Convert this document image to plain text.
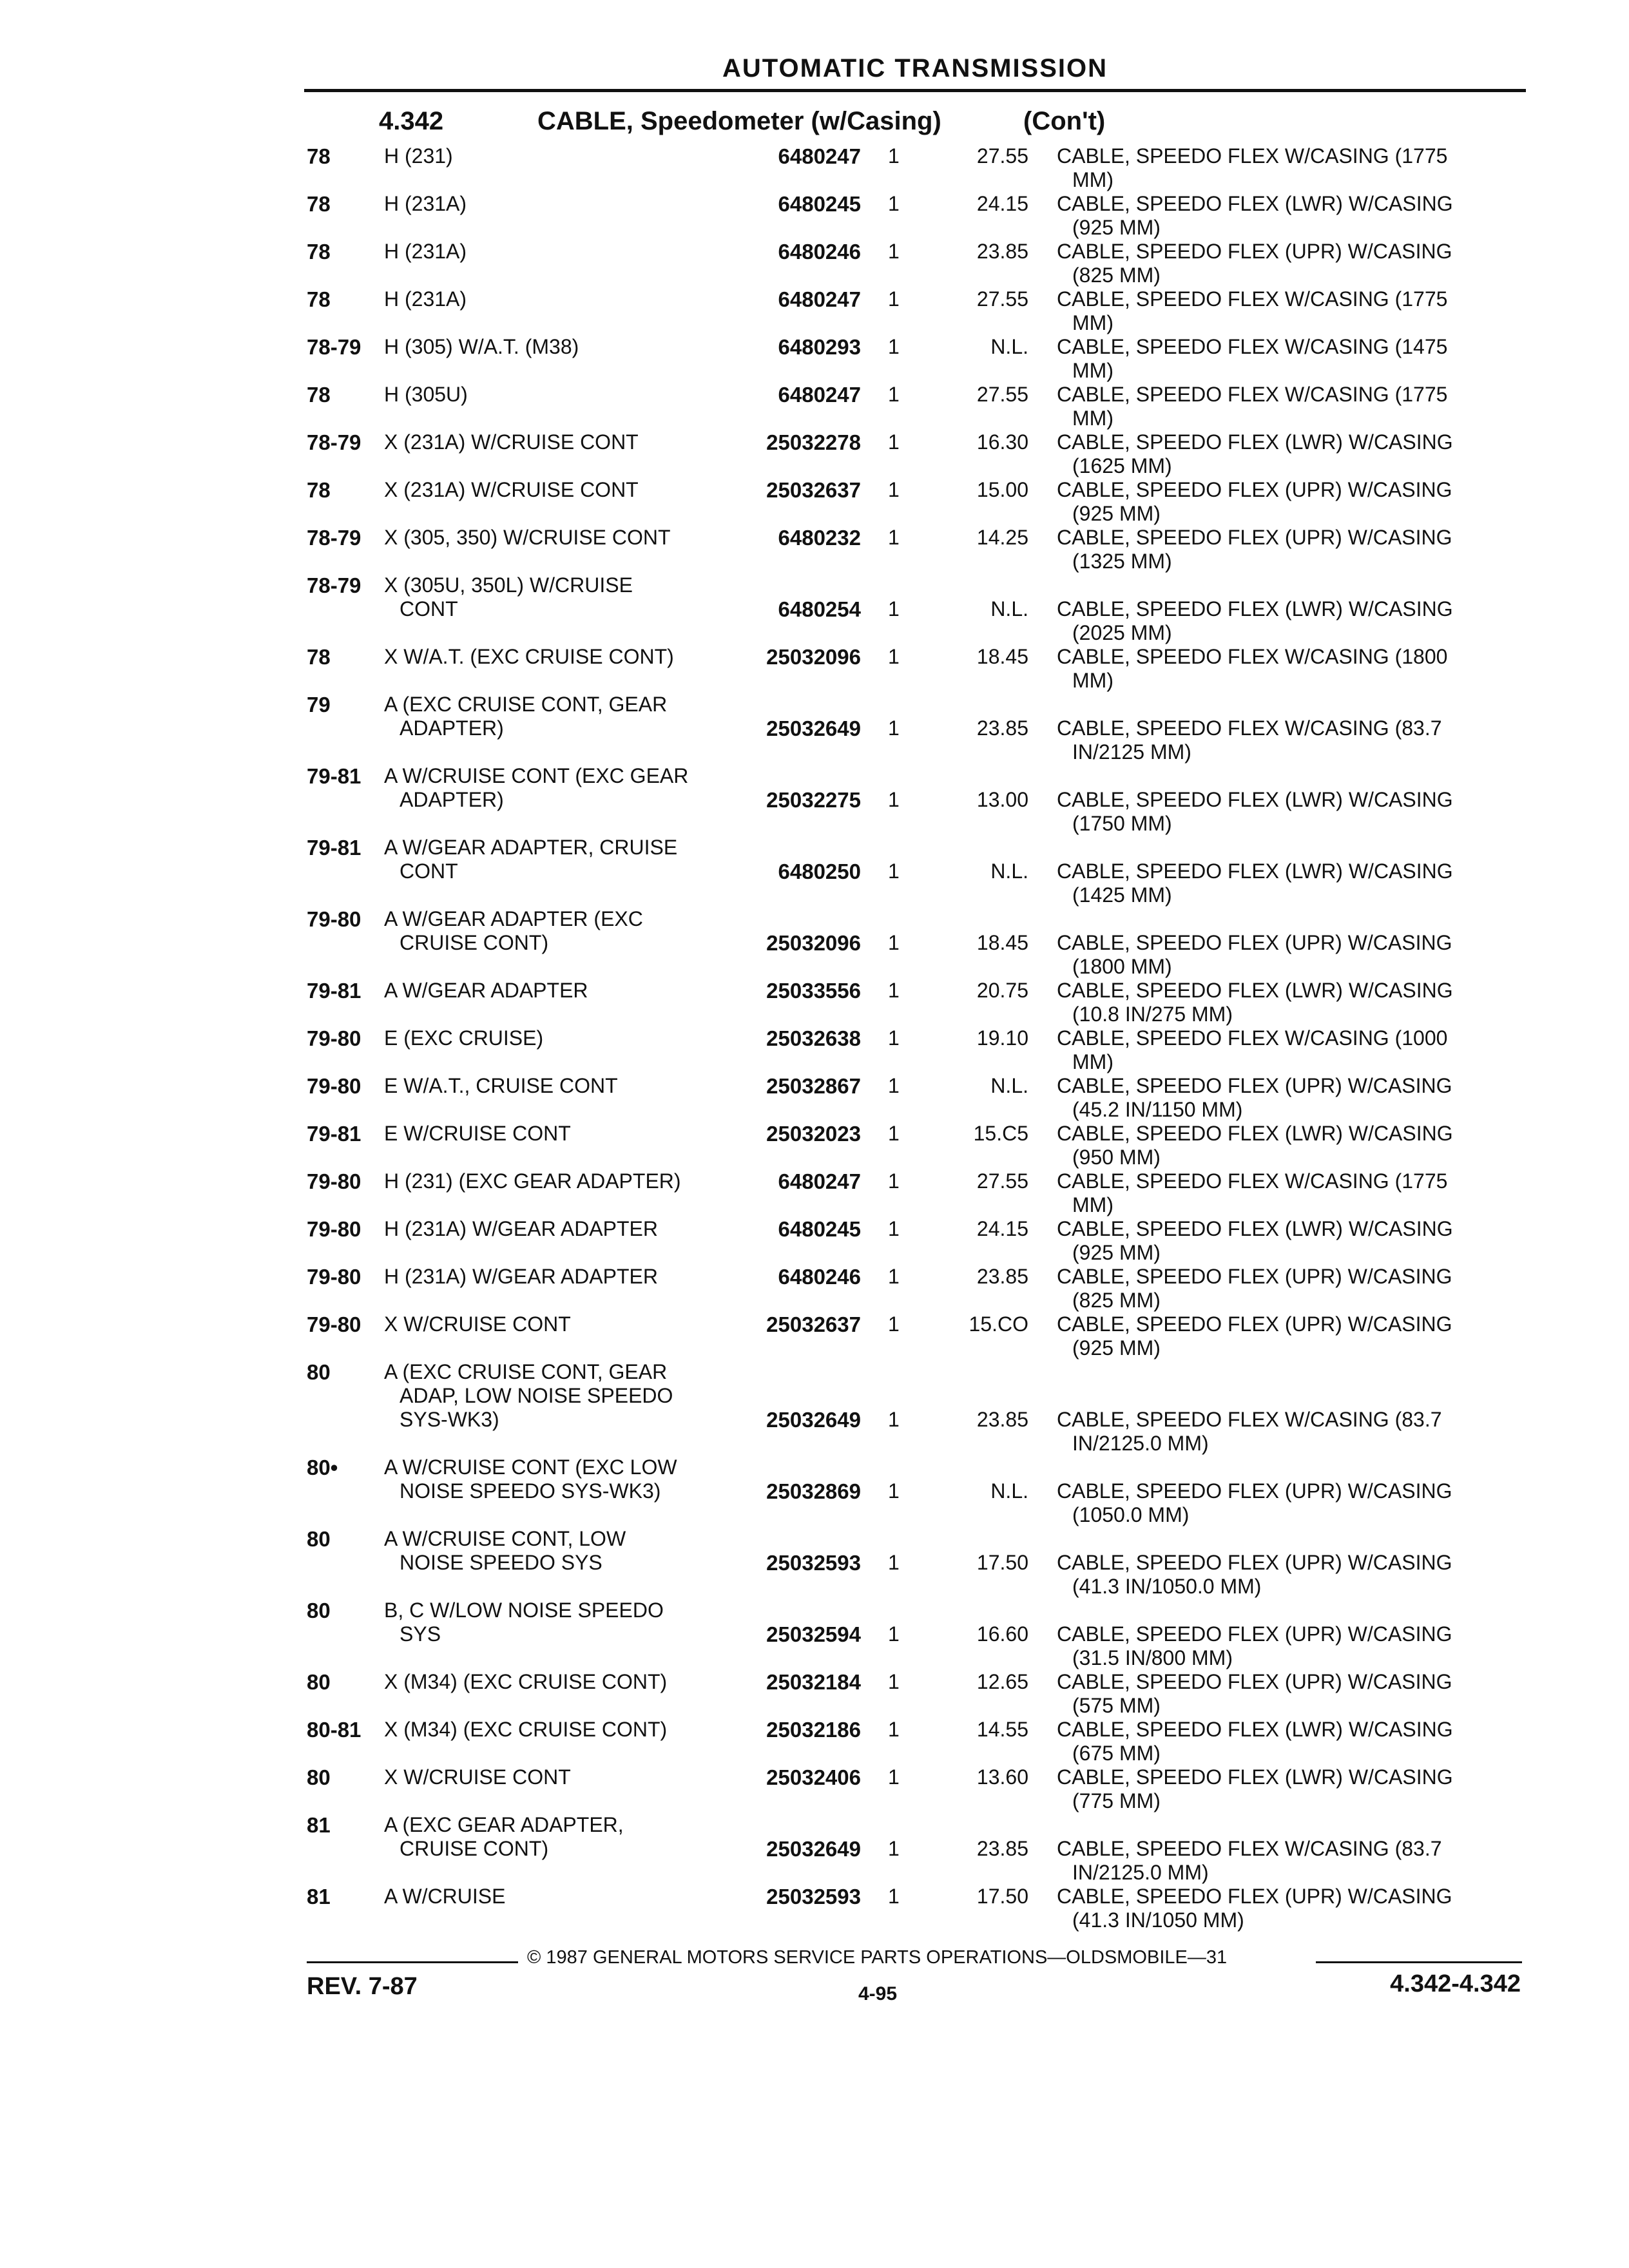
AUTOMATIC TRANSMISSION
4.342	CABLE, Speedometer (w/Casing)	(Con't)
78	H (231)	6480247 1	27.55 CABLE, SPEEDO FLEX W/CASING (1775
MM)
78	H (231A)	6480245 1	24.15 CABLE, SPEEDO FLEX (LWR) W/CASING
(925 MM)
78	H (231A)	6480246 1	23.85 CABLE, SPEEDO FLEX (UPR) W/CASING
(825 MM)
78	H (231A)	6480247 1	27.55 CABLE, SPEEDO FLEX W/CASING (1775
MM)
78-79 H (305) W/A.T. (M38)	6480293 1	N.L. CABLE, SPEEDO FLEX W/CASING (1475
MM)
78	H (305U)	6480247 1	27.55 CABLE, SPEEDO FLEX W/CASING (1775
MM)
78-79 X (231A) W/CRUISE CONT	25032278 1	16.30 CABLE, SPEEDO FLEX (LWR) W/CASING
(1625 MM)
78	X (231A) W/CRUISE CONT	25032637 1	15.00 CABLE, SPEEDO FLEX (UPR) W/CASING
(925 MM)
78-79 X (305, 350) W/CRUISE CONT	6480232 1	14.25 CABLE, SPEEDO FLEX (UPR) W/CASING
(1325 MM)
78-79 X (305U, 350L) W/CRUISE
CONT	6480254 1	N.L. CABLE, SPEEDO FLEX (LWR) W/CASING
(2025 MM)
78	X W/A.T. (EXC CRUISE CONT)	25032096 1	18.45 CABLE, SPEEDO FLEX W/CASING (1800
MM)
79	A (EXC CRUISE CONT, GEAR
ADAPTER)	25032649 1	23.85 CABLE, SPEEDO FLEX W/CASING (83.7
IN/2125 MM)
79-81 A W/CRUISE CONT (EXC GEAR
ADAPTER)	25032275 1	13.00 CABLE, SPEEDO FLEX (LWR) W/CASING
(1750 MM)
79-81 A W/GEAR ADAPTER, CRUISE
CONT	6480250 1	N.L. CABLE, SPEEDO FLEX (LWR) W/CASING
(1425 MM)
79-80 A W/GEAR ADAPTER (EXC
CRUISE CONT)	25032096 1	18.45 CABLE, SPEEDO FLEX (UPR) W/CASING
(1800 MM)
79-81 A W/GEAR ADAPTER	25033556 1	20.75 CABLE, SPEEDO FLEX (LWR) W/CASING
(10.8 IN/275 MM)
79-80 E (EXC CRUISE)	25032638 1	19.10 CABLE, SPEEDO FLEX W/CASING (1000
MM)
79-80 E W/A.T., CRUISE CONT	25032867 1	N.L. CABLE, SPEEDO FLEX (UPR) W/CASING
(45.2 IN/1150 MM)
79-81 E W/CRUISE CONT	25032023 1	15.C5 CABLE, SPEEDO FLEX (LWR) W/CASING
(950 MM)
79-80 H (231) (EXC GEAR ADAPTER)	6480247 1	27.55 CABLE, SPEEDO FLEX W/CASING (1775
MM)
79-80 H (231A) W/GEAR ADAPTER	6480245 1	24.15 CABLE, SPEEDO FLEX (LWR) W/CASING
(925 MM)
79-80 H (231A) W/GEAR ADAPTER	6480246 1	23.85 CABLE, SPEEDO FLEX (UPR) W/CASING
(825 MM)
79-80 X W/CRUISE CONT	25032637 1	15.CO CABLE, SPEEDO FLEX (UPR) W/CASING
(925 MM)
80	A (EXC CRUISE CONT, GEAR
ADAP, LOW NOISE SPEEDO
SYS-WK3)	25032649 1	23.85 CABLE, SPEEDO FLEX W/CASING (83.7
IN/2125.0 MM)
80• A W/CRUISE CONT (EXC LOW
NOISE SPEEDO SYS-WK3)	25032869 1	N.L. CABLE, SPEEDO FLEX (UPR) W/CASING
(1050.0 MM)
80	A W/CRUISE CONT, LOW
NOISE SPEEDO SYS	25032593 1	17.50 CABLE, SPEEDO FLEX (UPR) W/CASING
(41.3 IN/1050.0 MM)
80	B, C W/LOW NOISE SPEEDO
SYS	25032594 1	16.60 CABLE, SPEEDO FLEX (UPR) W/CASING
(31.5 IN/800 MM)
80	X (M34) (EXC CRUISE CONT)	25032184 1	12.65 CABLE, SPEEDO FLEX (UPR) W/CASING
(575 MM)
80-81 X (M34) (EXC CRUISE CONT)	25032186 1	14.55 CABLE, SPEEDO FLEX (LWR) W/CASING
(675 MM)
80	X W/CRUISE CONT	25032406 1	13.60 CABLE, SPEEDO FLEX (LWR) W/CASING
(775 MM)
81	A (EXC GEAR ADAPTER,
CRUISE CONT)	25032649 1	23.85 CABLE, SPEEDO FLEX W/CASING (83.7
IN/2125.0 MM)
81	A W/CRUISE	25032593 1	17.50 CABLE, SPEEDO FLEX (UPR) W/CASING
(41.3 IN/1050 MM)
© 1987 GENERAL MOTORS SERVICE PARTS OPERATIONS—OLDSMOBILE—31
REV. 7-87	4-95	4.342-4.342
